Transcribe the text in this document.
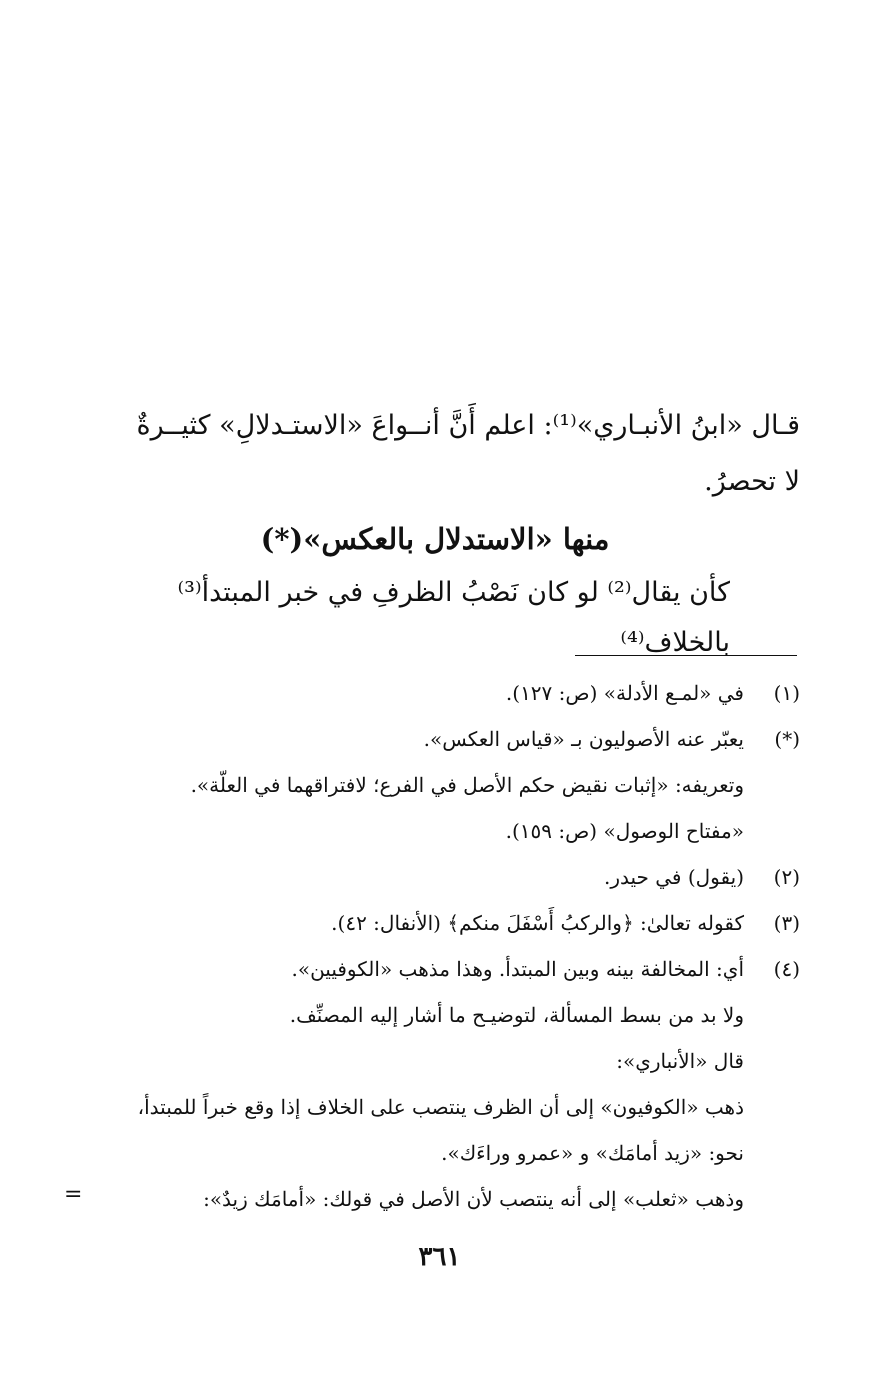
قـال «ابنُ الأنبـاري»⁽¹⁾: اعلم أَنَّ أنــواعَ «الاستـدلالِ» كثيــرةٌ

لا تحصرُ.

منها «الاستدلال بالعكس»(*)
كأن يقال⁽²⁾ لو كان نَصْبُ الظرفِ في خبر المبتدأ⁽³⁾ بالخلاف⁽⁴⁾
(١)في «لمـع الأدلة» (ص: ١٢٧).
(*)يعبّر عنه الأصوليون بـ «قياس العكس».
وتعريفه: «إثبات نقيض حكم الأصل في الفرع؛ لافتراقهما في العلّة».
«مفتاح الوصول» (ص: ١٥٩).
(٢)(يقول) في حيدر.
(٣)كقوله تعالىٰ: ﴿والركبُ أَسْفَلَ منكم﴾ (الأنفال: ٤٢).
(٤)أي: المخالفة بينه وبين المبتدأ. وهذا مذهب «الكوفيين».
ولا بد من بسط المسألة، لتوضيـح ما أشار إليه المصنِّف.
قال «الأنباري»:
ذهب «الكوفيون» إلى أن الظرف ينتصب على الخلاف إذا وقع خبراً للمبتدأ،
نحو: «زيد أمامَك» و «عمرو وراءَك».
وذهب «ثعلب» إلى أنه ينتصب لأن الأصل في قولك: «أمامَك زيدٌ»:
=
٣٦١
